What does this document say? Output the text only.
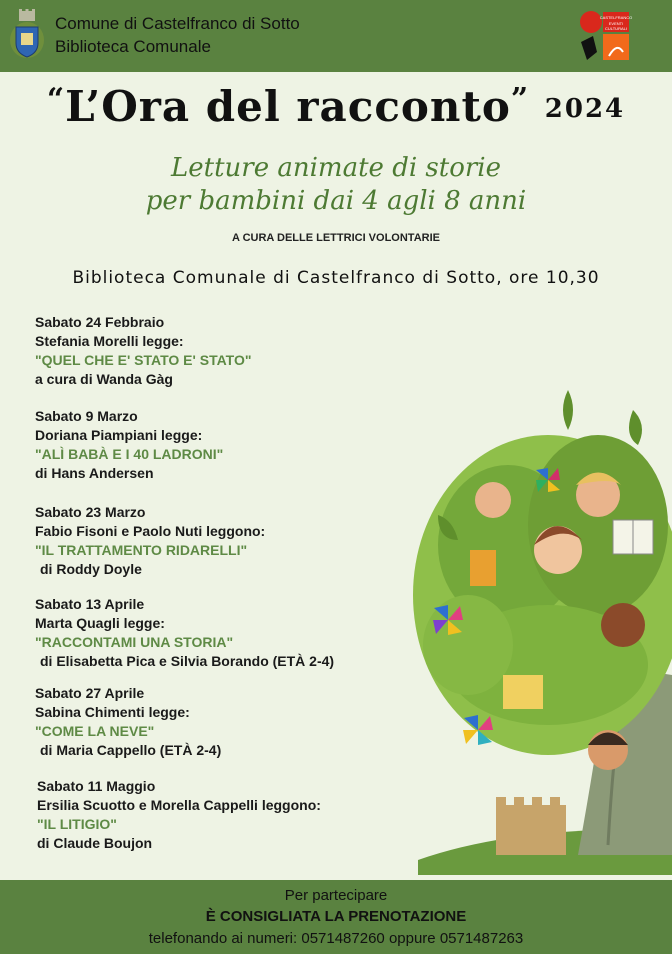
Comune di Castelfranco di Sotto
Biblioteca Comunale
CASTELFRANCO
EVENTI
CULTURALI
“L’Ora del racconto” 2024
Letture animate di storie
per bambini dai 4 agli 8 anni
A CURA DELLE LETTRICI VOLONTARIE
Biblioteca Comunale di Castelfranco di Sotto, ore 10,30
Sabato 24 Febbraio
Stefania Morelli legge:
"QUEL CHE E' STATO E' STATO"
a cura di Wanda Gàg
Sabato 9 Marzo
Doriana Piampiani legge:
"ALÌ BABÀ E I 40 LADRONI"
di Hans Andersen
Sabato 23 Marzo
Fabio Fisoni e Paolo Nuti leggono:
"IL TRATTAMENTO RIDARELLI"
di Roddy Doyle
Sabato 13 Aprile
Marta Quagli legge:
"RACCONTAMI UNA STORIA"
di Elisabetta Pica e Silvia Borando (ETÀ 2-4)
Sabato 27 Aprile
Sabina Chimenti legge:
"COME LA NEVE"
di Maria Cappello (ETÀ 2-4)
Sabato 11 Maggio
Ersilia Scuotto e Morella Cappelli leggono:
"IL LITIGIO"
di Claude Boujon
Per partecipare
È CONSIGLIATA LA PRENOTAZIONE
telefonando ai numeri: 0571487260 oppure 0571487263
